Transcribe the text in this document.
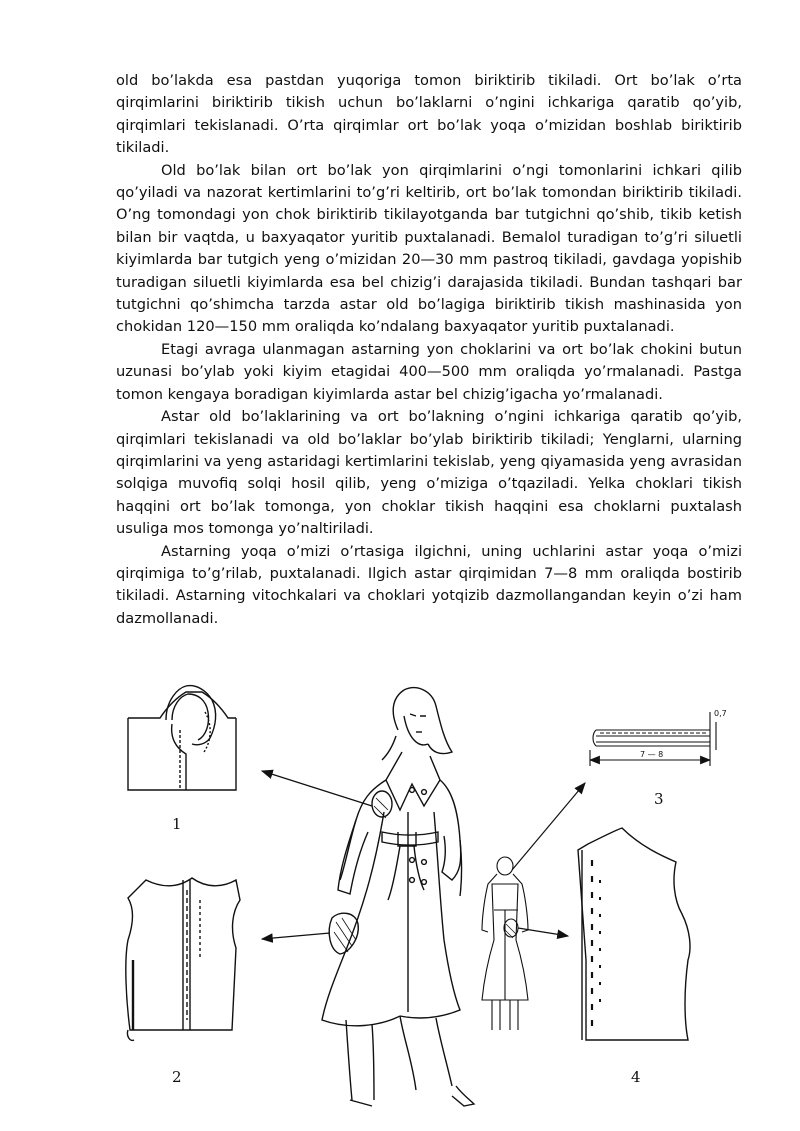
old bo’lakda esa pastdan yuqoriga tomon biriktirib tikiladi. Ort bo’lak o’rta qirqimlarini biriktirib tikish uchun bo’laklarni o’ngini ichkariga qaratib qo’yib, qirqimlari tekislanadi. O’rta qirqimlar ort bo’lak yoqa o’mizidan boshlab biriktirib tikiladi.

Old bo’lak bilan ort bo’lak yon qirqimlarini o’ngi tomonlarini ichkari qilib qo’yiladi va nazorat kertimlarini to’g’ri keltirib, ort bo’lak tomondan biriktirib tikiladi. O’ng tomondagi yon chok biriktirib tikilayotganda bar tutgichni qo’shib, tikib ketish bilan bir vaqtda, u baxyaqator yuritib puxtalanadi. Bemalol turadigan to’g’ri siluetli kiyimlarda bar tutgich yeng o’mizidan 20—30 mm pastroq tikiladi, gavdaga yopishib turadigan siluetli kiyimlarda esa bel chizig’i darajasida tikiladi. Bundan tashqari bar tutgichni qo’shimcha tarzda astar old bo’lagiga biriktirib tikish mashinasida yon chokidan 120—150 mm oraliqda ko’ndalang baxyaqator yuritib puxtalanadi.

Etagi avraga ulanmagan astarning yon choklarini va ort bo’lak chokini butun uzunasi bo’ylab yoki kiyim etagidai 400—500 mm oraliqda yo’rmalanadi. Pastga tomon kengaya boradigan kiyimlarda astar bel chizig’igacha yo’rmalanadi.

Astar old bo’laklarining va ort bo’lakning o’ngini ichkariga qaratib qo’yib, qirqimlari tekislanadi va old bo’laklar bo’ylab biriktirib tikiladi; Yenglarni, ularning qirqimlarini va yeng astaridagi kertimlarini tekislab, yeng qiyamasida yeng avrasidan solqiga muvofiq solqi hosil qilib, yeng o’miziga o’tqaziladi. Yelka choklari tikish haqqini ort bo’lak tomonga, yon choklar tikish haqqini esa choklarni puxtalash usuliga mos tomonga yo’naltiriladi.

Astarning yoqa o’mizi o’rtasiga ilgichni, uning uchlarini astar yoqa o’mizi qirqimiga to’g’rilab, puxtalanadi. Ilgich astar qirqimidan 7—8 mm oraliqda bostirib tikiladi. Astarning vitochkalari va choklari yotqizib dazmollangandan keyin o’zi ham dazmollanadi.

0,7
7 — 8
1
2
3
4
